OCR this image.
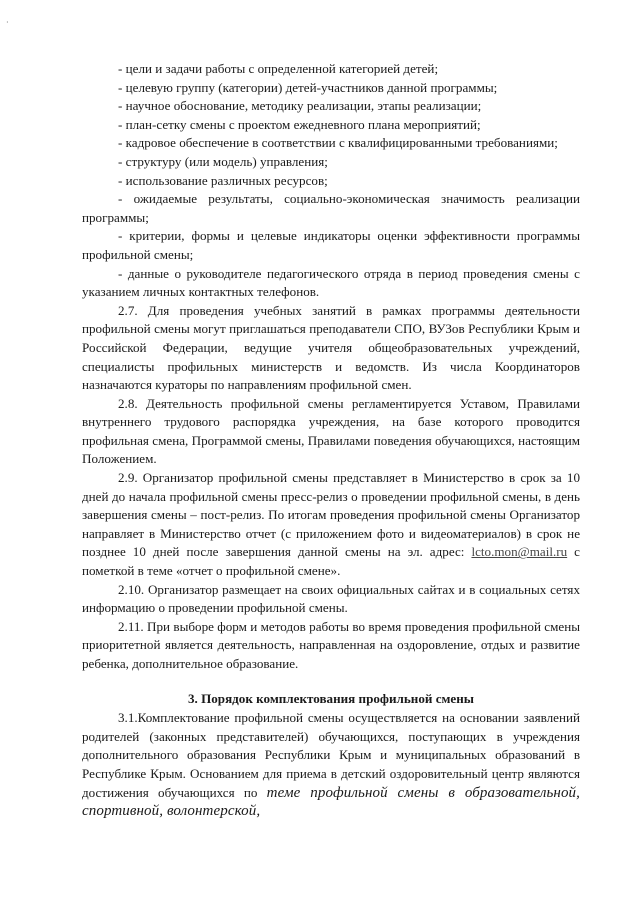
·

- цели и задачи работы с определенной категорией детей;

- целевую группу (категории) детей-участников данной программы;

- научное обоснование, методику реализации, этапы реализации;

- план-сетку смены с проектом ежедневного плана мероприятий;

- кадровое обеспечение в соответствии с квалифицированными требованиями;

- структуру (или модель) управления;

- использование различных ресурсов;

- ожидаемые результаты, социально-экономическая значимость реализации программы;

- критерии, формы и целевые индикаторы оценки эффективности программы профильной смены;

- данные о руководителе педагогического отряда в период проведения смены с указанием личных контактных телефонов.

2.7. Для проведения учебных занятий в рамках программы деятельности профильной смены могут приглашаться преподаватели СПО, ВУЗов Республики Крым и Российской Федерации, ведущие учителя общеобразовательных учреждений, специалисты профильных министерств и ведомств. Из числа Координаторов назначаются кураторы по направлениям профильной смен.

2.8. Деятельность профильной смены регламентируется Уставом, Правилами внутреннего трудового распорядка учреждения, на базе которого проводится профильная смена, Программой смены, Правилами поведения обучающихся, настоящим Положением.

2.9. Организатор профильной смены представляет в Министерство в срок за 10 дней до начала профильной смены пресс-релиз о проведении профильной смены, в день завершения смены – пост-релиз. По итогам проведения профильной смены Организатор направляет в Министерство отчет (с приложением фото и видеоматериалов) в срок не позднее 10 дней после завершения данной смены на эл. адрес: lcto.mon@mail.ru с пометкой в теме «отчет о профильной смене».

2.10. Организатор размещает на своих официальных сайтах и в социальных сетях информацию о проведении профильной смены.

2.11. При выборе форм и методов работы во время проведения профильной смены приоритетной является деятельность, направленная на оздоровление, отдых и развитие ребенка, дополнительное образование.

3. Порядок комплектования профильной смены

3.1.Комплектование профильной смены осуществляется на основании заявлений родителей (законных представителей) обучающихся, поступающих в учреждения дополнительного образования Республики Крым и муниципальных образований в Республике Крым. Основанием для приема в детский оздоровительный центр являются достижения обучающихся по теме профильной смены в образовательной, спортивной, волонтерской,
